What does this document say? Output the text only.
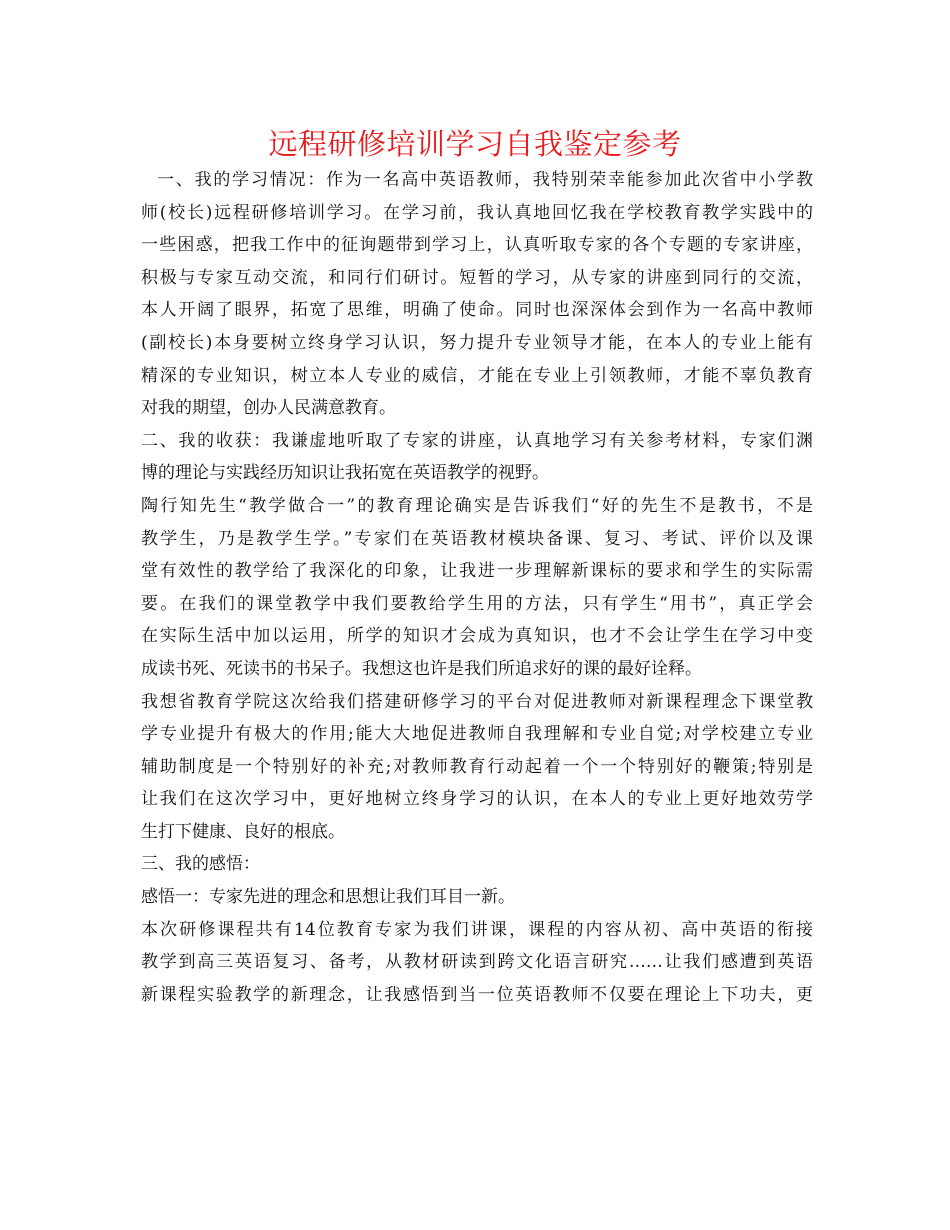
远程研修培训学习自我鉴定参考
一、我的学习情况：作为一名高中英语教师，我特别荣幸能参加此次省中小学教
师(校长)远程研修培训学习。在学习前，我认真地回忆我在学校教育教学实践中的
一些困惑，把我工作中的征询题带到学习上，认真听取专家的各个专题的专家讲座，
积极与专家互动交流，和同行们研讨。短暂的学习，从专家的讲座到同行的交流，
本人开阔了眼界，拓宽了思维，明确了使命。同时也深深体会到作为一名高中教师
(副校长)本身要树立终身学习认识，努力提升专业领导才能，在本人的专业上能有
精深的专业知识，树立本人专业的威信，才能在专业上引领教师，才能不辜负教育
对我的期望，创办人民满意教育。
二、我的收获：我谦虚地听取了专家的讲座，认真地学习有关参考材料，专家们渊
博的理论与实践经历知识让我拓宽在英语教学的视野。
陶行知先生“教学做合一”的教育理论确实是告诉我们“好的先生不是教书，不是
教学生，乃是教学生学。”专家们在英语教材模块备课、复习、考试、评价以及课
堂有效性的教学给了我深化的印象，让我进一步理解新课标的要求和学生的实际需
要。在我们的课堂教学中我们要教给学生用的方法，只有学生“用书”，真正学会
在实际生活中加以运用，所学的知识才会成为真知识，也才不会让学生在学习中变
成读书死、死读书的书呆子。我想这也许是我们所追求好的课的最好诠释。
我想省教育学院这次给我们搭建研修学习的平台对促进教师对新课程理念下课堂教
学专业提升有极大的作用;能大大地促进教师自我理解和专业自觉;对学校建立专业
辅助制度是一个特别好的补充;对教师教育行动起着一个一个特别好的鞭策;特别是
让我们在这次学习中，更好地树立终身学习的认识，在本人的专业上更好地效劳学
生打下健康、良好的根底。
三、我的感悟：
感悟一：专家先进的理念和思想让我们耳目一新。
本次研修课程共有14位教育专家为我们讲课，课程的内容从初、高中英语的衔接
教学到高三英语复习、备考，从教材研读到跨文化语言研究……让我们感遭到英语
新课程实验教学的新理念，让我感悟到当一位英语教师不仅要在理论上下功夫，更
